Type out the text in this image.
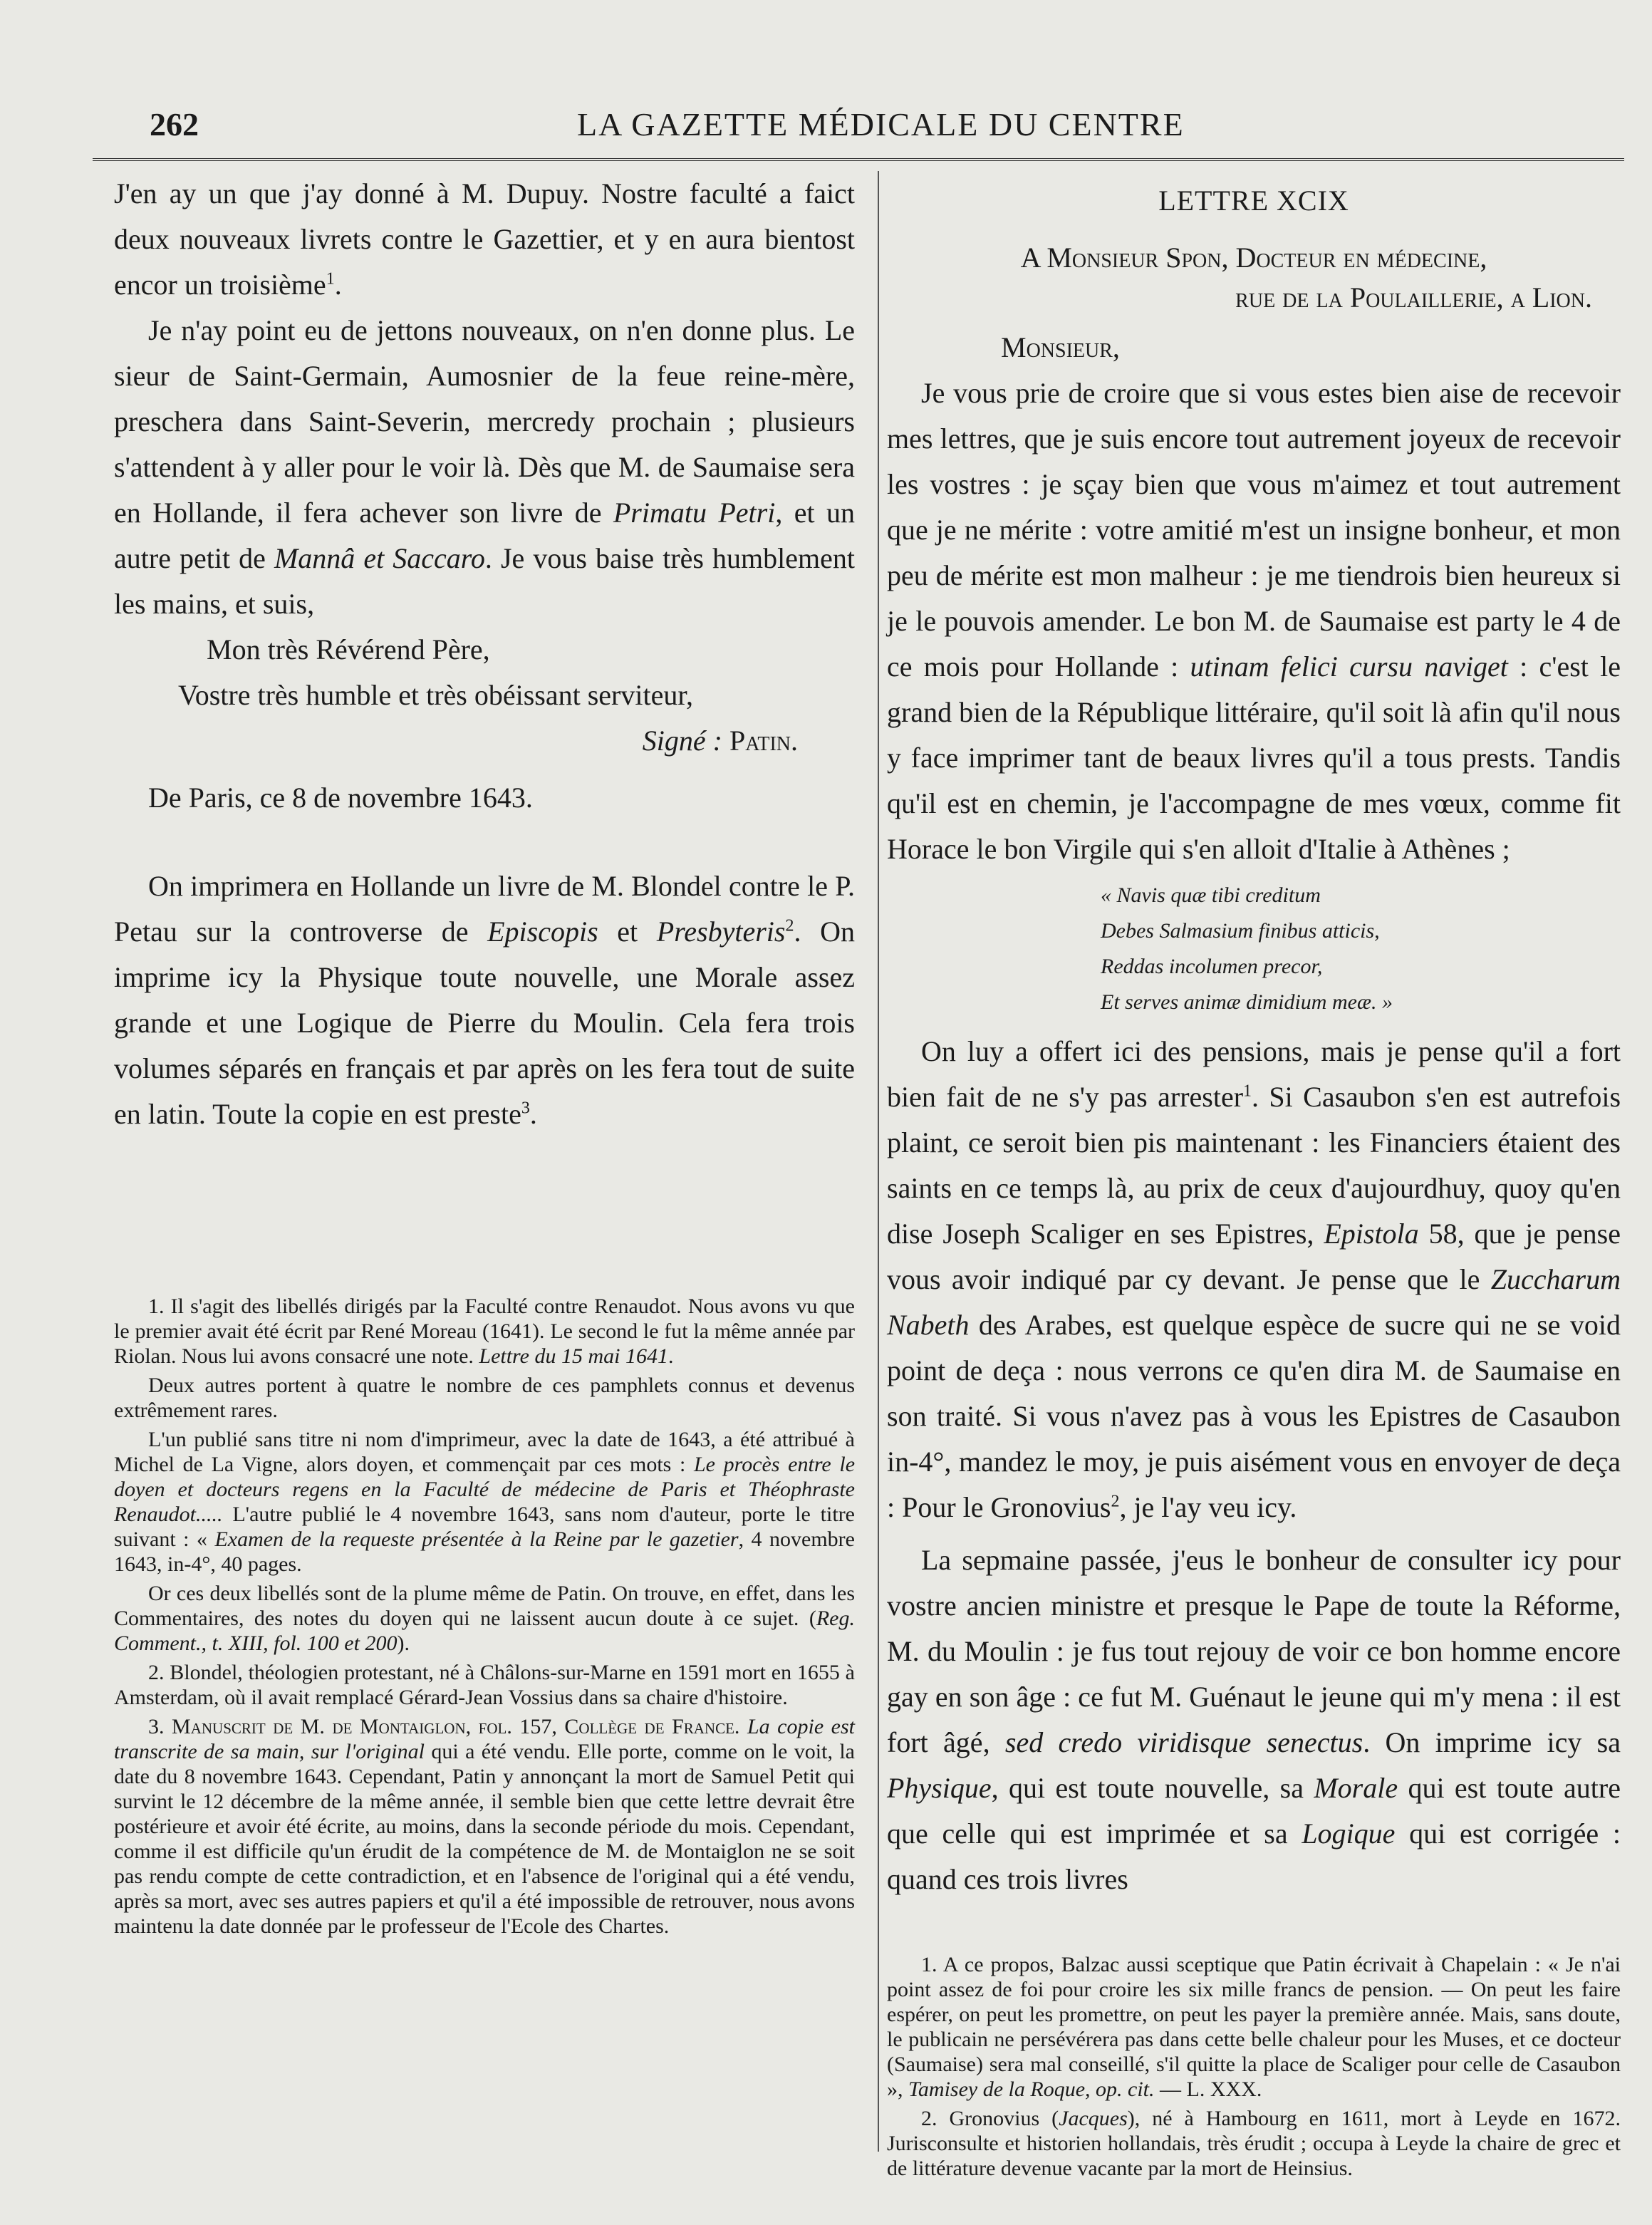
262	LA GAZETTE MÉDICALE DU CENTRE

J'en ay un que j'ay donné à M. Dupuy. Nostre faculté a faict deux nouveaux livrets contre le Gazettier, et y en aura bientost encor un troisième$^1$.

Je n'ay point eu de jettons nouveaux, on n'en donne plus. Le sieur de Saint-Germain, Aumosnier de la feue reine-mère, preschera dans Saint-Severin, mercredy prochain ; plusieurs s'attendent à y aller pour le voir là. Dès que M. de Saumaise sera en Hollande, il fera achever son livre de Primatu Petri, et un autre petit de Mannâ et Saccaro. Je vous baise très humblement les mains, et suis,

Mon très Révérend Père,

Vostre très humble et très obéissant serviteur,

Signé : Patin.

De Paris, ce 8 de novembre 1643.

On imprimera en Hollande un livre de M. Blondel contre le P. Petau sur la controverse de Episcopis et Presbyteris$^2$. On imprime icy la Physique toute nouvelle, une Morale assez grande et une Logique de Pierre du Moulin. Cela fera trois volumes séparés en français et par après on les fera tout de suite en latin. Toute la copie en est preste$^3$.

1. Il s'agit des libellés dirigés par la Faculté contre Renaudot. Nous avons vu que le premier avait été écrit par René Moreau (1641). Le second le fut la même année par Riolan. Nous lui avons consacré une note. Lettre du 15 mai 1641.

Deux autres portent à quatre le nombre de ces pamphlets connus et devenus extrêmement rares.

L'un publié sans titre ni nom d'imprimeur, avec la date de 1643, a été attribué à Michel de La Vigne, alors doyen, et commençait par ces mots : Le procès entre le doyen et docteurs regens en la Faculté de médecine de Paris et Théophraste Renaudot..... L'autre publié le 4 novembre 1643, sans nom d'auteur, porte le titre suivant : « Examen de la requeste présentée à la Reine par le gazetier, 4 novembre 1643, in-4°, 40 pages.

Or ces deux libellés sont de la plume même de Patin. On trouve, en effet, dans les Commentaires, des notes du doyen qui ne laissent aucun doute à ce sujet. (Reg. Comment., t. XIII, fol. 100 et 200).

2. Blondel, théologien protestant, né à Châlons-sur-Marne en 1591 mort en 1655 à Amsterdam, où il avait remplacé Gérard-Jean Vossius dans sa chaire d'histoire.

3. Manuscrit de M. de Montaiglon, fol. 157, Collège de France. La copie est transcrite de sa main, sur l'original qui a été vendu. Elle porte, comme on le voit, la date du 8 novembre 1643. Cependant, Patin y annonçant la mort de Samuel Petit qui survint le 12 décembre de la même année, il semble bien que cette lettre devrait être postérieure et avoir été écrite, au moins, dans la seconde période du mois. Cependant, comme il est difficile qu'un érudit de la compétence de M. de Montaiglon ne se soit pas rendu compte de cette contradiction, et en l'absence de l'original qui a été vendu, après sa mort, avec ses autres papiers et qu'il a été impossible de retrouver, nous avons maintenu la date donnée par le professeur de l'Ecole des Chartes.

LETTRE XCIX

A Monsieur Spon, Docteur en médecine,

rue de la Poulaillerie, a Lion.

Monsieur,

Je vous prie de croire que si vous estes bien aise de recevoir mes lettres, que je suis encore tout autrement joyeux de recevoir les vostres : je sçay bien que vous m'aimez et tout autrement que je ne mérite : votre amitié m'est un insigne bonheur, et mon peu de mérite est mon malheur : je me tiendrois bien heureux si je le pouvois amender. Le bon M. de Saumaise est party le 4 de ce mois pour Hollande : utinam felici cursu naviget : c'est le grand bien de la République littéraire, qu'il soit là afin qu'il nous y face imprimer tant de beaux livres qu'il a tous prests. Tandis qu'il est en chemin, je l'accompagne de mes vœux, comme fit Horace le bon Virgile qui s'en alloit d'Italie à Athènes ;

« Navis quæ tibi creditum
Debes Salmasium finibus atticis,
Reddas incolumen precor,
Et serves animæ dimidium meæ. »

On luy a offert ici des pensions, mais je pense qu'il a fort bien fait de ne s'y pas arrester$^1$. Si Casaubon s'en est autrefois plaint, ce seroit bien pis maintenant : les Financiers étaient des saints en ce temps là, au prix de ceux d'aujourdhuy, quoy qu'en dise Joseph Scaliger en ses Epistres, Epistola 58, que je pense vous avoir indiqué par cy devant. Je pense que le Zuccharum Nabeth des Arabes, est quelque espèce de sucre qui ne se void point de deça : nous verrons ce qu'en dira M. de Saumaise en son traité. Si vous n'avez pas à vous les Epistres de Casaubon in-4°, mandez le moy, je puis aisément vous en envoyer de deça : Pour le Gronovius$^2$, je l'ay veu icy.

La sepmaine passée, j'eus le bonheur de consulter icy pour vostre ancien ministre et presque le Pape de toute la Réforme, M. du Moulin : je fus tout rejouy de voir ce bon homme encore gay en son âge : ce fut M. Guénaut le jeune qui m'y mena : il est fort âgé, sed credo viridisque senectus. On imprime icy sa Physique, qui est toute nouvelle, sa Morale qui est toute autre que celle qui est imprimée et sa Logique qui est corrigée : quand ces trois livres

1. A ce propos, Balzac aussi sceptique que Patin écrivait à Chapelain : « Je n'ai point assez de foi pour croire les six mille francs de pension. — On peut les faire espérer, on peut les promettre, on peut les payer la première année. Mais, sans doute, le publicain ne persévérera pas dans cette belle chaleur pour les Muses, et ce docteur (Saumaise) sera mal conseillé, s'il quitte la place de Scaliger pour celle de Casaubon », Tamisey de la Roque, op. cit. — L. XXX.

2. Gronovius (Jacques), né à Hambourg en 1611, mort à Leyde en 1672. Jurisconsulte et historien hollandais, très érudit ; occupa à Leyde la chaire de grec et de littérature devenue vacante par la mort de Heinsius.
